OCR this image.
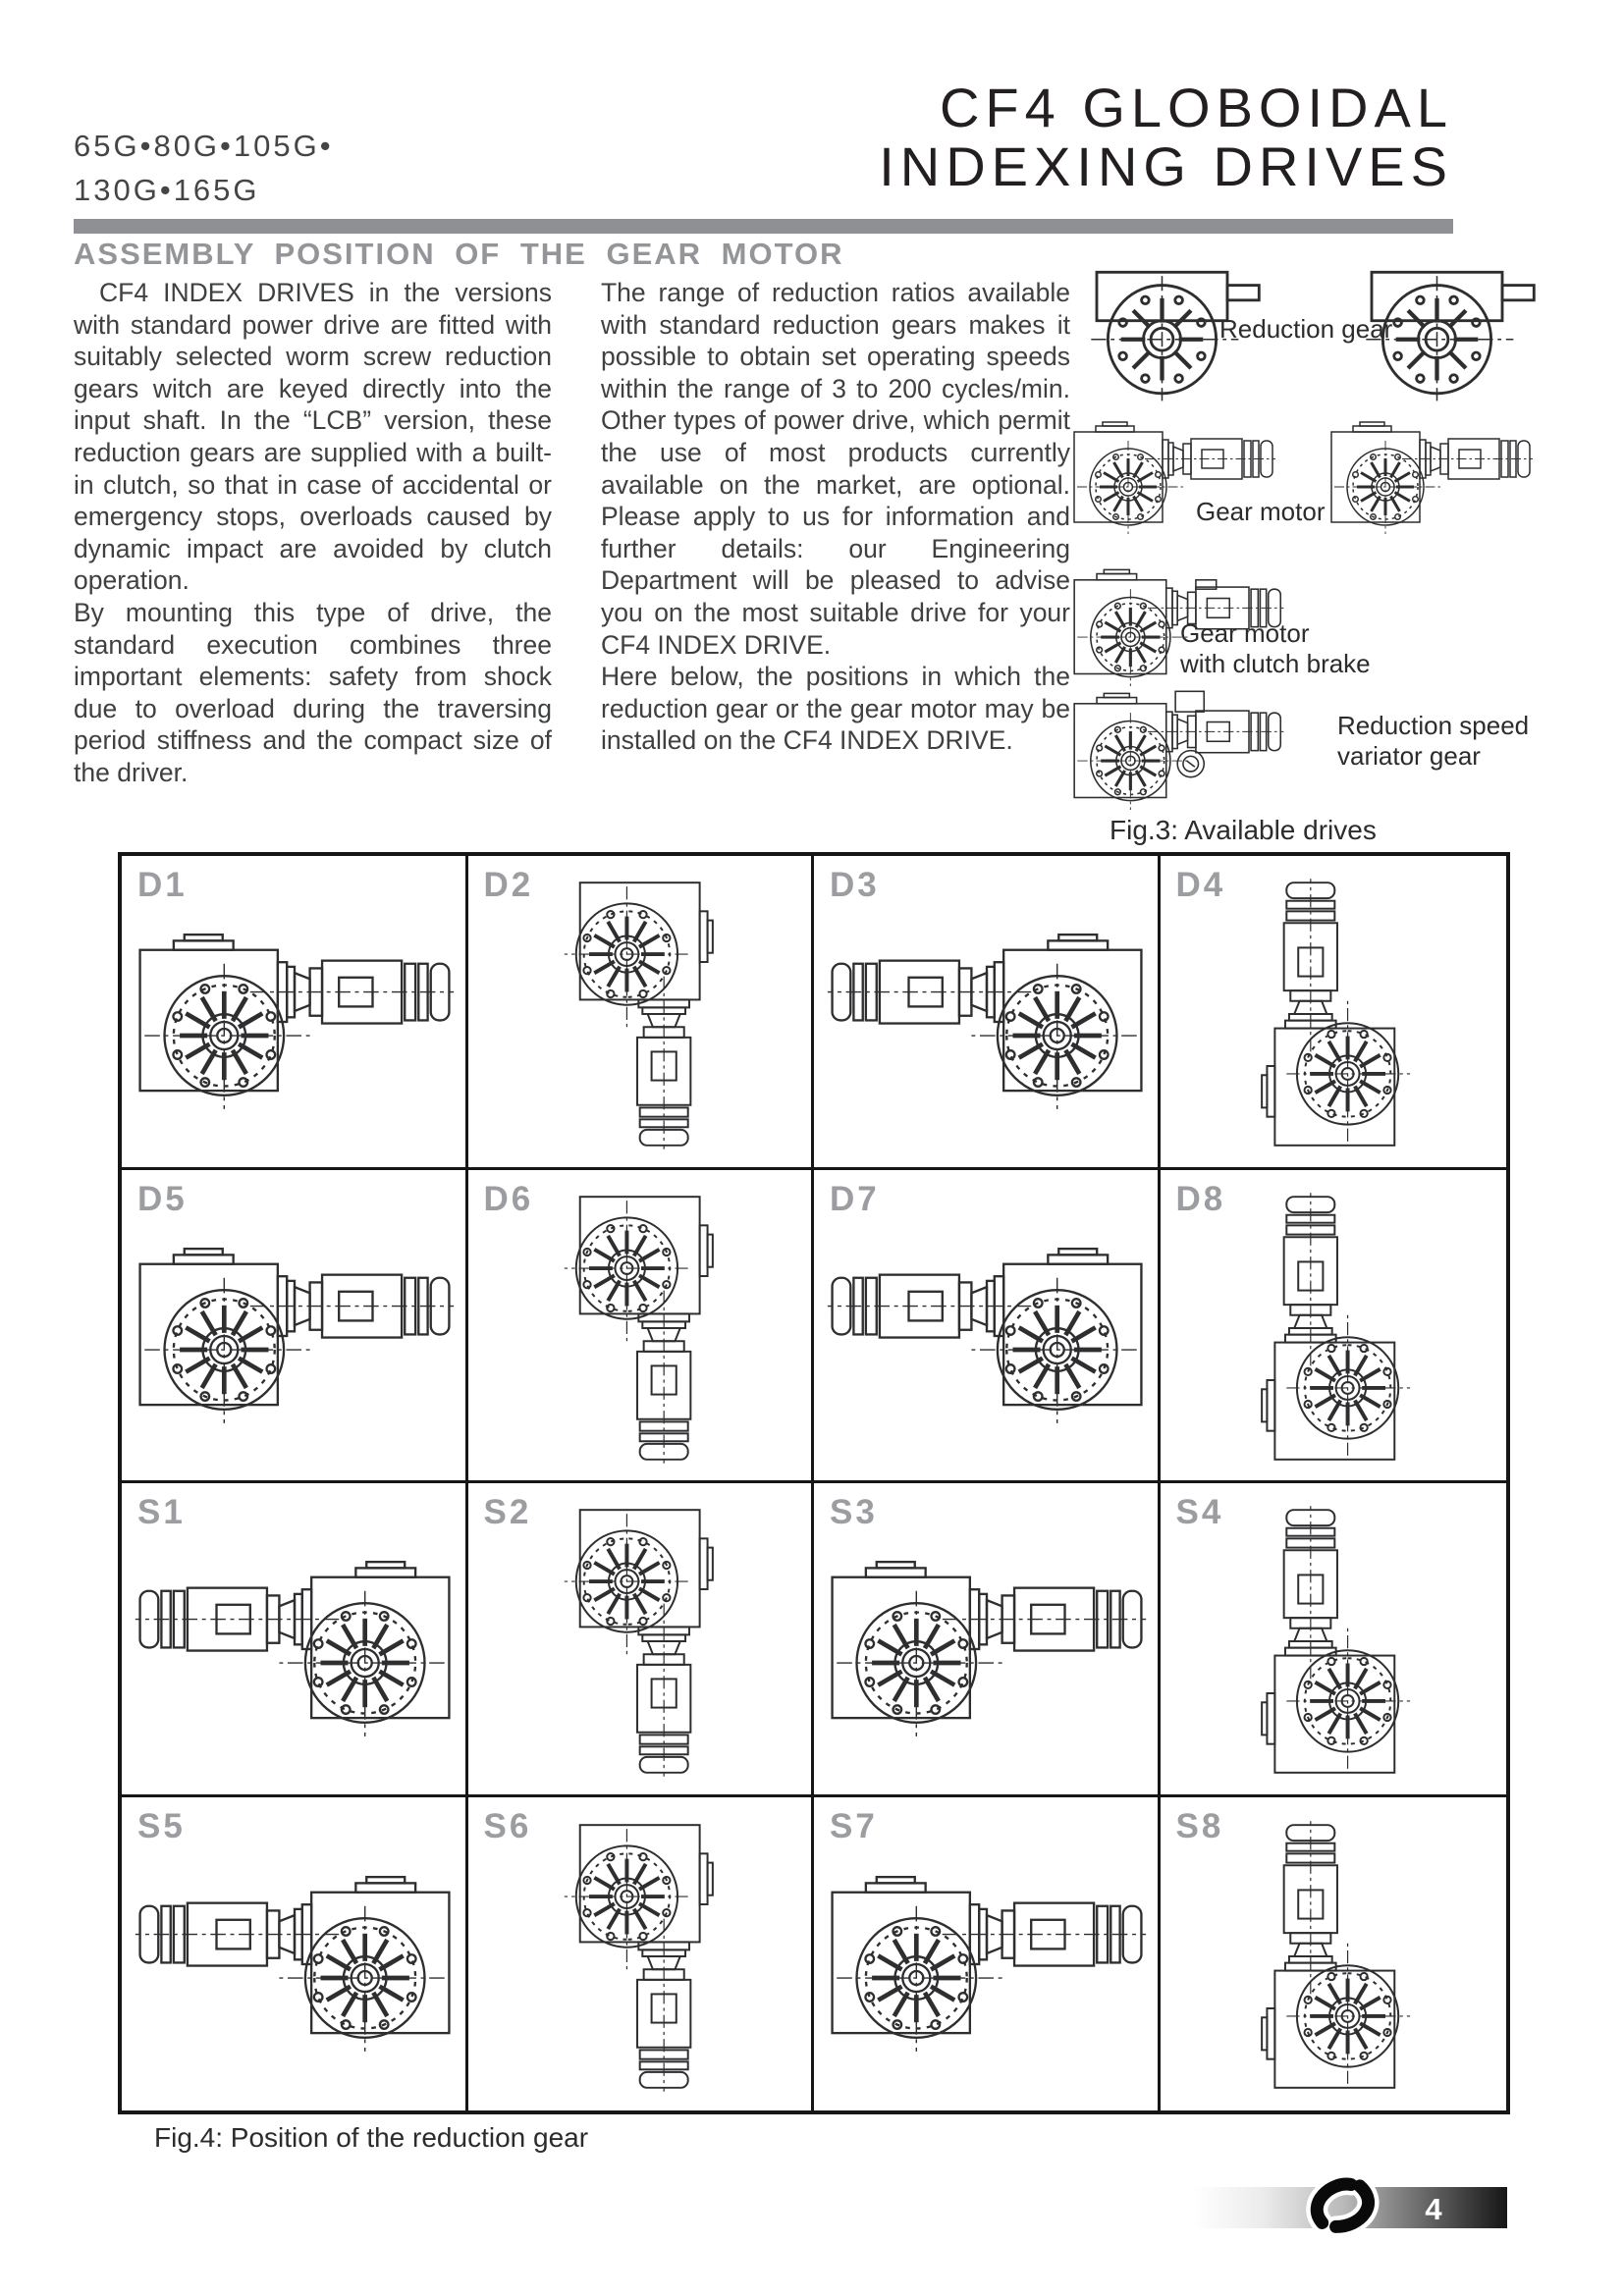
65G•80G•105G•
130G•165G
CF4 GLOBOIDAL
INDEXING DRIVES
ASSEMBLY POSITION OF THE GEAR MOTOR

CF4 INDEX DRIVES in the versions with standard power drive are fitted with suitably selected worm screw reduction gears witch are keyed directly into the input shaft. In the “LCB” version, these reduction gears are supplied with a built-in clutch, so that in case of accidental or emergency stops, overloads caused by dynamic impact are avoided by clutch operation.

By mounting this type of drive, the standard execution combines three important elements: safety from shock due to overload during the traversing period stiffness and the compact size of the driver.

The range of reduction ratios available with standard reduction gears makes it possible to obtain set operating speeds within the range of 3 to 200 cycles/min. Other types of power drive, which permit the use of most products currently available on the market, are optional. Please apply to us for information and further details: our Engineering Department will be pleased to advise you on the most suitable drive for your CF4 INDEX DRIVE.

Here below, the positions in which the reduction gear or the gear motor may be installed on the CF4 INDEX DRIVE.

Reduction gear
Gear motor
Gear motor
with clutch brake
Reduction speed
variator gear
Fig.3: Available drives
D1	D2	D3	D4
D5	D6	D7	D8
S1	S2	S3	S4
S5	S6	S7	S8
Fig.4: Position of the reduction gear
4
